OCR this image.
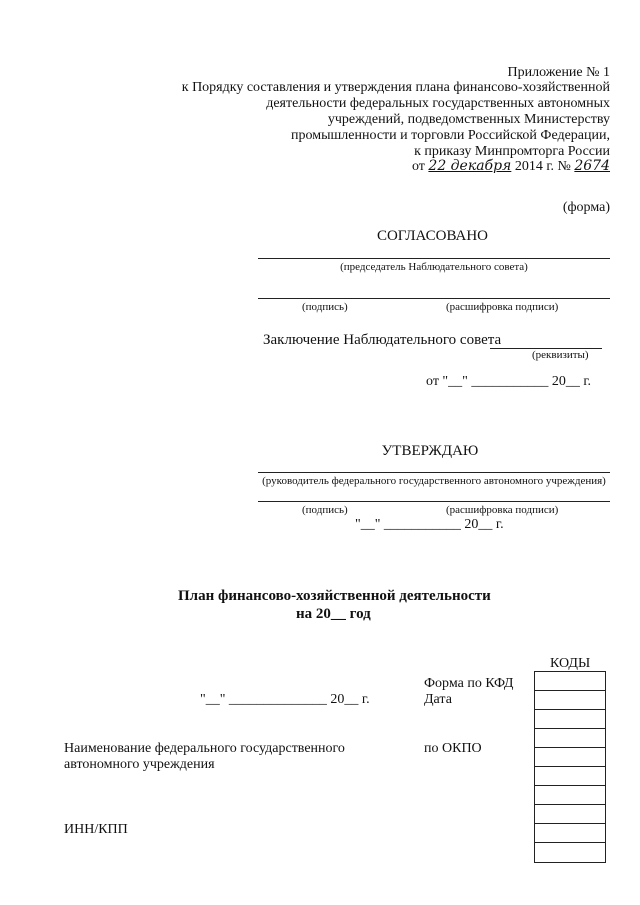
Приложение № 1
к Порядку составления и утверждения плана финансово-хозяйственной
деятельности федеральных государственных автономных
учреждений, подведомственных Министерству
промышленности и торговли Российской Федерации,
к приказу Минпромторга России
от 22 декабря 2014 г. № 2674
(форма)
СОГЛАСОВАНО
(председатель Наблюдательного совета)
(подпись)	(расшифровка подписи)
Заключение Наблюдательного совета
(реквизиты)
от "__" ___________ 20__ г.
УТВЕРЖДАЮ
(руководитель федерального государственного автономного учреждения)
(подпись)	(расшифровка подписи)
"__" ___________ 20__ г.
План финансово-хозяйственной деятельности
на 20__ год
КОДЫ
Форма по КФД
Дата
"__" ______________ 20__ г.
Наименование федерального государственного
автономного учреждения
по ОКПО
ИНН/КПП
